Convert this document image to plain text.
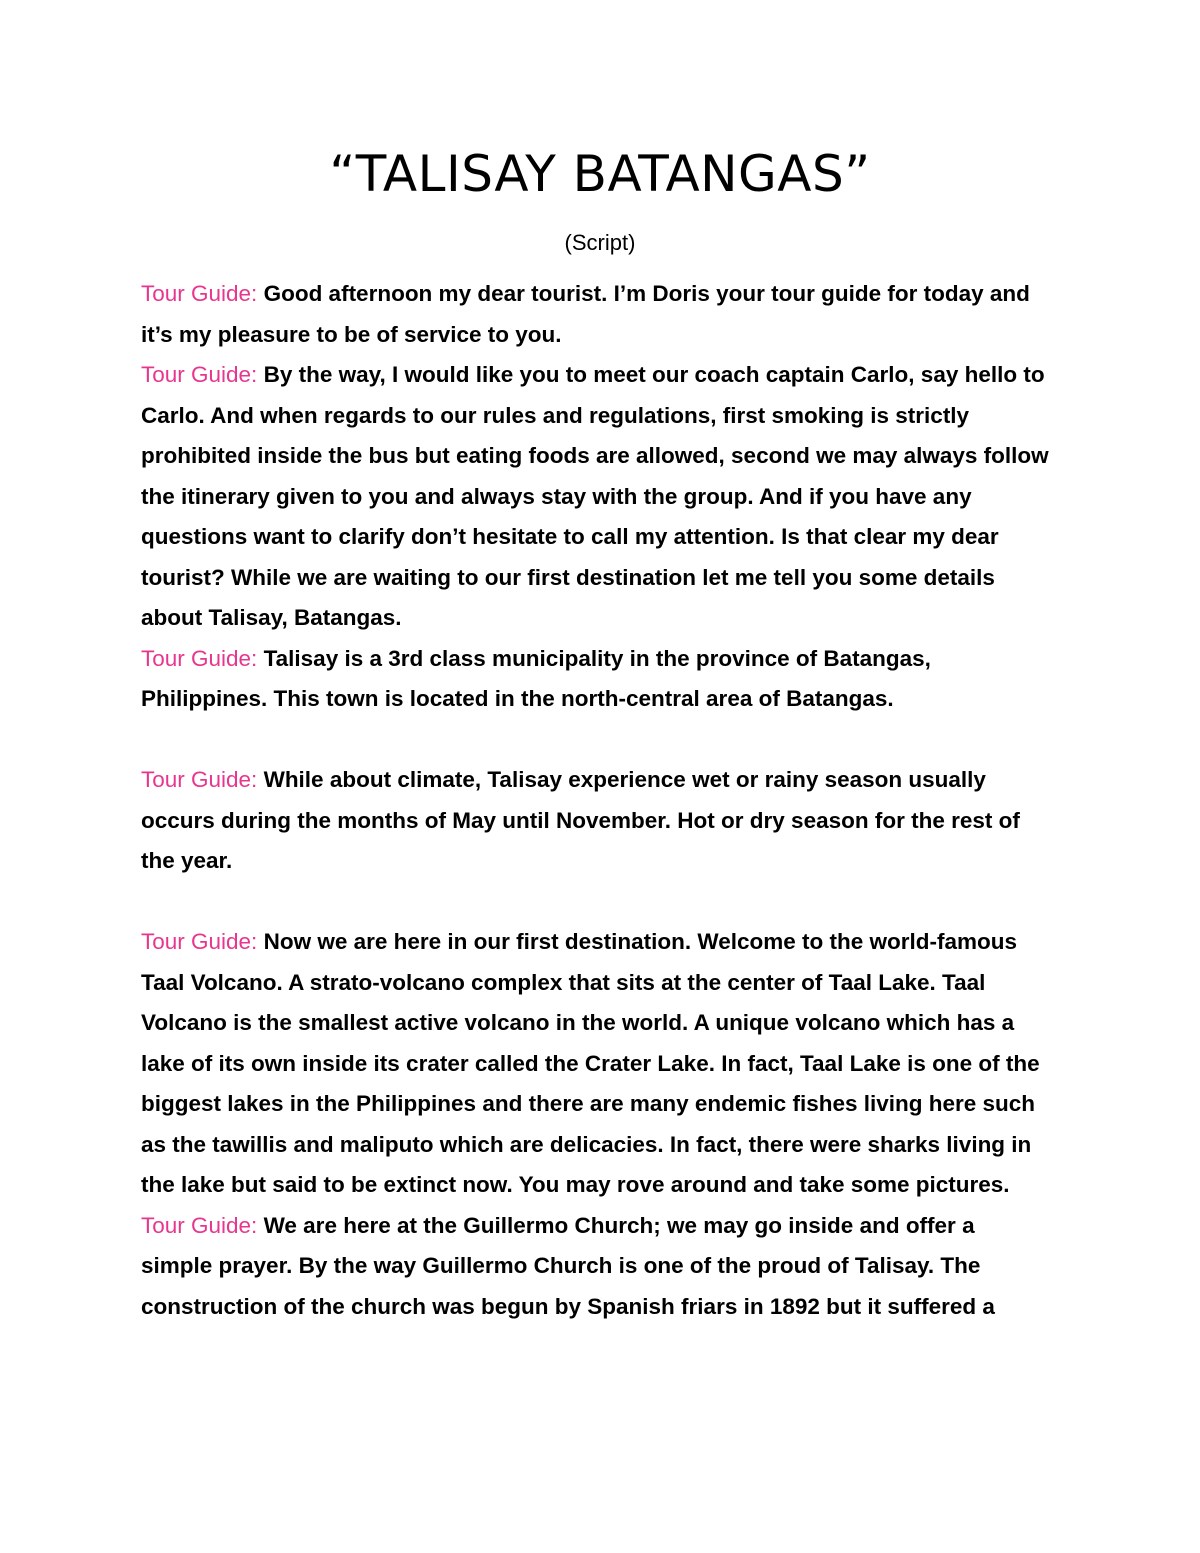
“TALISAY BATANGAS”
(Script)

Tour Guide: Good afternoon my dear tourist. I’m Doris your tour guide for today and it’s my pleasure to be of service to you.

Tour Guide: By the way, I would like you to meet our coach captain Carlo, say hello to Carlo. And when regards to our rules and regulations, first smoking is strictly prohibited inside the bus but eating foods are allowed, second we may always follow the itinerary given to you and always stay with the group. And if you have any questions want to clarify don’t hesitate to call my attention. Is that clear my dear tourist? While we are waiting to our first destination let me tell you some details about Talisay, Batangas.

Tour Guide: Talisay is a 3rd class municipality in the province of Batangas, Philippines. This town is located in the north-central area of Batangas.

Tour Guide: While about climate, Talisay experience wet or rainy season usually occurs during the months of May until November. Hot or dry season for the rest of the year.

Tour Guide: Now we are here in our first destination. Welcome to the world-famous Taal Volcano. A strato-volcano complex that sits at the center of Taal Lake. Taal Volcano is the smallest active volcano in the world. A unique volcano which has a lake of its own inside its crater called the Crater Lake. In fact, Taal Lake is one of the biggest lakes in the Philippines and there are many endemic fishes living here such as the tawillis and maliputo which are delicacies. In fact, there were sharks living in the lake but said to be extinct now. You may rove around and take some pictures.

Tour Guide: We are here at the Guillermo Church; we may go inside and offer a simple prayer. By the way Guillermo Church is one of the proud of Talisay. The construction of the church was begun by Spanish friars in 1892 but it suffered a
